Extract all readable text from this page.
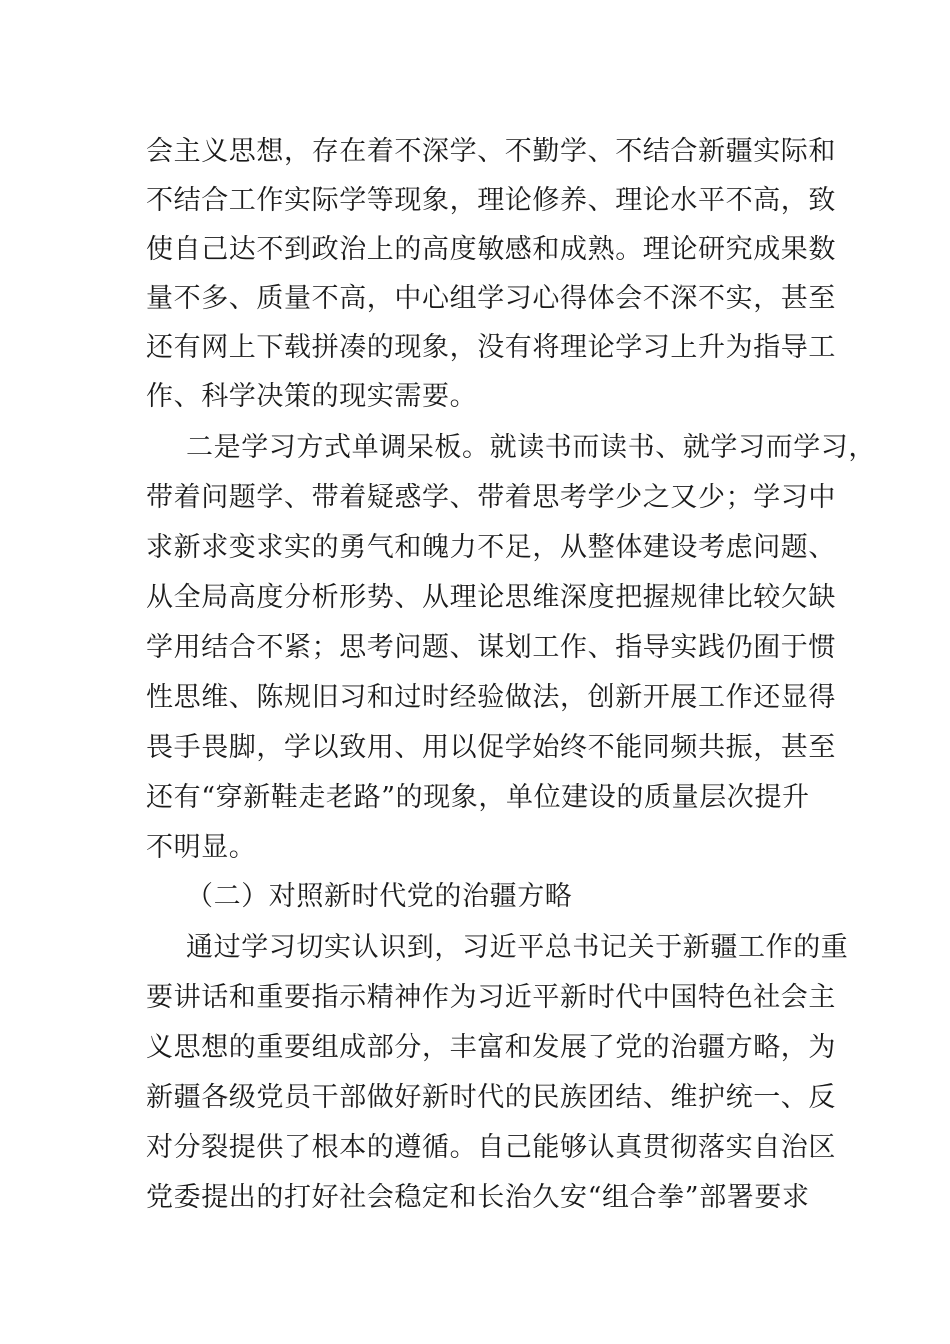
会主义思想，存在着不深学、不勤学、不结合新疆实际和
不结合工作实际学等现象，理论修养、理论水平不高，致
使自己达不到政治上的高度敏感和成熟。理论研究成果数
量不多、质量不高，中心组学习心得体会不深不实，甚至
还有网上下载拼凑的现象，没有将理论学习上升为指导工
作、科学决策的现实需要。
二是学习方式单调呆板。就读书而读书、就学习而学习，
带着问题学、带着疑惑学、带着思考学少之又少；学习中
求新求变求实的勇气和魄力不足，从整体建设考虑问题、
从全局高度分析形势、从理论思维深度把握规律比较欠缺
学用结合不紧；思考问题、谋划工作、指导实践仍囿于惯
性思维、陈规旧习和过时经验做法，创新开展工作还显得
畏手畏脚，学以致用、用以促学始终不能同频共振，甚至
还有“穿新鞋走老路”的现象，单位建设的质量层次提升
不明显。
（二）对照新时代党的治疆方略
通过学习切实认识到，习近平总书记关于新疆工作的重
要讲话和重要指示精神作为习近平新时代中国特色社会主
义思想的重要组成部分，丰富和发展了党的治疆方略，为
新疆各级党员干部做好新时代的民族团结、维护统一、反
对分裂提供了根本的遵循。自己能够认真贯彻落实自治区
党委提出的打好社会稳定和长治久安“组合拳”部署要求
